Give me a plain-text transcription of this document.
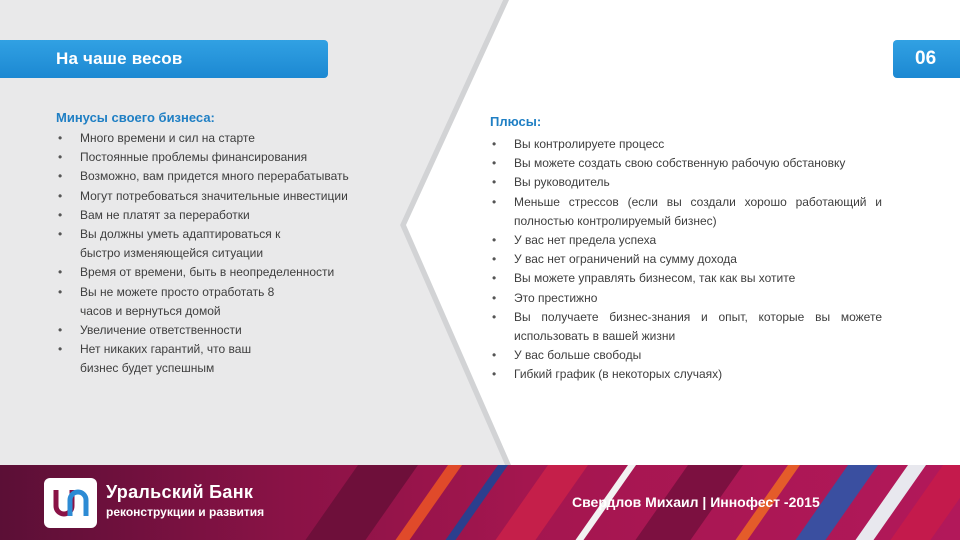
На чаше весов	06
Минусы своего бизнеса:
• Много времени и сил на старте
• Постоянные проблемы финансирования
• Возможно, вам придется много перерабатывать
• Могут потребоваться значительные инвестиции
• Вам не платят за переработки
• Вы должны уметь адаптироваться к быстро изменяющейся ситуации
• Время от времени, быть в неопределенности
• Вы не можете просто отработать 8 часов и вернуться домой
• Увеличение ответственности
• Нет никаких гарантий, что ваш бизнес будет успешным
Плюсы:
• Вы контролируете процесс
• Вы можете создать свою собственную рабочую обстановку
• Вы руководитель
• Меньше стрессов (если вы создали хорошо работающий и полностью контролируемый бизнес)
• У вас нет предела успеха
• У вас нет ограничений на сумму дохода
• Вы можете управлять бизнесом, так как вы хотите
• Это престижно
• Вы получаете бизнес-знания и опыт, которые вы можете использовать в вашей жизни
• У вас больше свободы
• Гибкий график (в некоторых случаях)
Уральский Банк
реконструкции и развития
Свердлов Михаил | Иннофест -2015
